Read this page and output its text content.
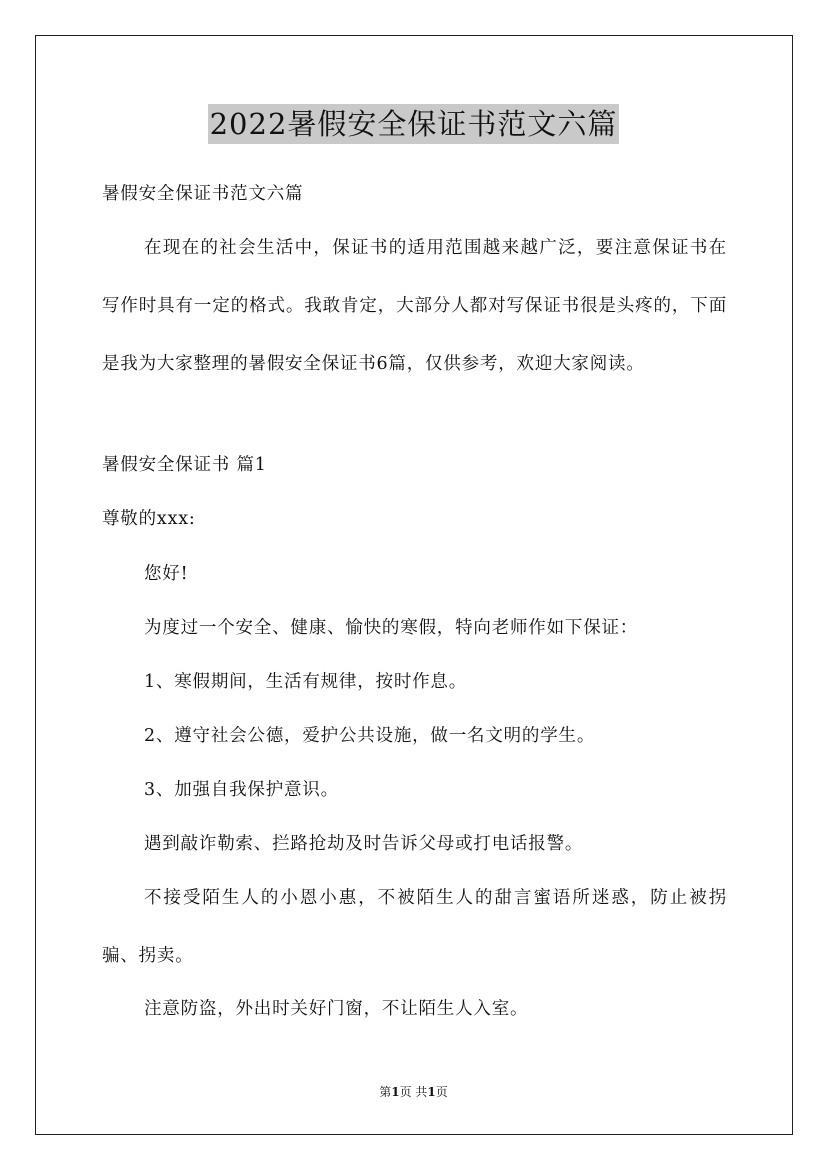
2022暑假安全保证书范文六篇

暑假安全保证书范文六篇

在现在的社会生活中，保证书的适用范围越来越广泛，要注意保证书在写作时具有一定的格式。我敢肯定，大部分人都对写保证书很是头疼的，下面是我为大家整理的暑假安全保证书6篇，仅供参考，欢迎大家阅读。

暑假安全保证书 篇1

尊敬的xxx:

您好!

为度过一个安全、健康、愉快的寒假，特向老师作如下保证：

1、寒假期间，生活有规律，按时作息。

2、遵守社会公德，爱护公共设施，做一名文明的学生。

3、加强自我保护意识。

遇到敲诈勒索、拦路抢劫及时告诉父母或打电话报警。

不接受陌生人的小恩小惠，不被陌生人的甜言蜜语所迷惑，防止被拐骗、拐卖。

注意防盗，外出时关好门窗，不让陌生人入室。

第1页 共1页
